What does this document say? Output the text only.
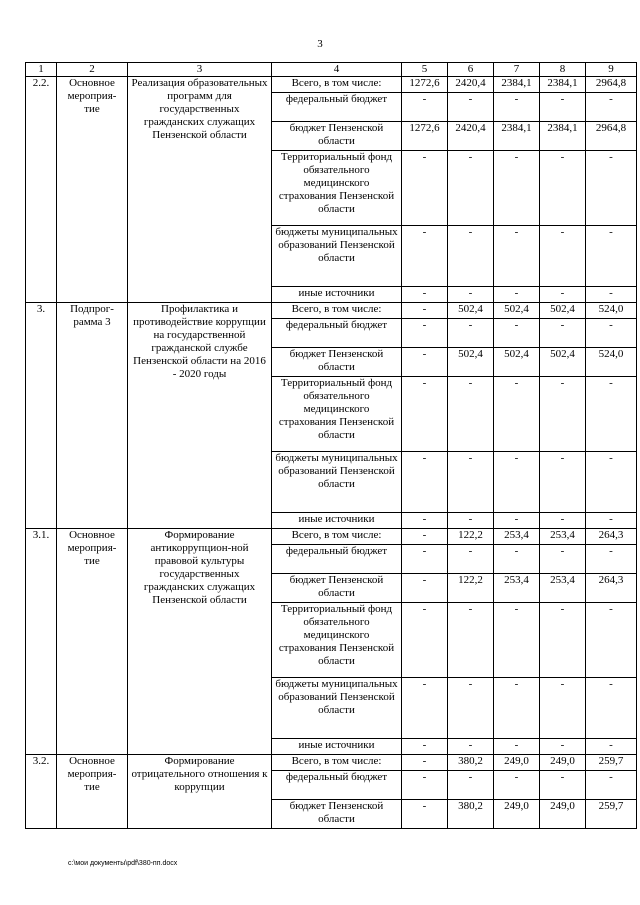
3
1	2	3	4	5	6	7	8	9
2.2.	Основное мероприя-тие	Реализация образовательных программ для государственных гражданских служащих Пензенской области	Всего, в том числе:	1272,6	2420,4	2384,1	2384,1	2964,8
			федеральный бюджет	-	-	-	-	-
			бюджет Пензенской области	1272,6	2420,4	2384,1	2384,1	2964,8
			Территориальный фонд обязательного медицинского страхования Пензенской области	-	-	-	-	-
			бюджеты муниципальных образований Пензенской области	-	-	-	-	-
			иные источники	-	-	-	-	-
3.	Подпрог-рамма 3	Профилактика и противодействие коррупции на государственной гражданской службе Пензенской области на 2016 - 2020 годы	Всего, в том числе:	-	502,4	502,4	502,4	524,0
			федеральный бюджет	-	-	-	-	-
			бюджет Пензенской области	-	502,4	502,4	502,4	524,0
			Территориальный фонд обязательного медицинского страхования Пензенской области	-	-	-	-	-
			бюджеты муниципальных образований Пензенской области	-	-	-	-	-
			иные источники	-	-	-	-	-
3.1.	Основное мероприя-тие	Формирование антикоррупцион-ной правовой культуры государственных гражданских служащих Пензенской области	Всего, в том числе:	-	122,2	253,4	253,4	264,3
			федеральный бюджет	-	-	-	-	-
			бюджет Пензенской области	-	122,2	253,4	253,4	264,3
			Территориальный фонд обязательного медицинского страхования Пензенской области	-	-	-	-	-
			бюджеты муниципальных образований Пензенской области	-	-	-	-	-
			иные источники	-	-	-	-	-
3.2.	Основное мероприя-тие	Формирование отрицательного отношения к коррупции	Всего, в том числе:	-	380,2	249,0	249,0	259,7
			федеральный бюджет	-	-	-	-	-
			бюджет Пензенской области	-	380,2	249,0	249,0	259,7
c:\мои документы\pdf\380-пп.docx
